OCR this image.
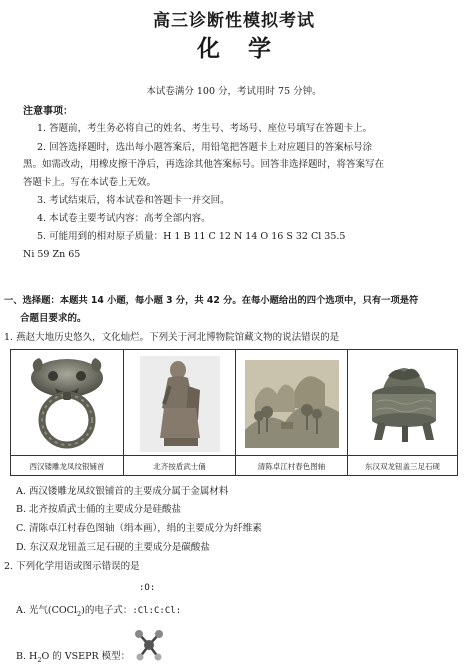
高三诊断性模拟考试
化学
本试卷满分 100 分，考试用时 75 分钟。
注意事项：
1. 答题前，考生务必将自己的姓名、考生号、考场号、座位号填写在答题卡上。
2. 回答选择题时，选出每小题答案后，用铅笔把答题卡上对应题目的答案标号涂
黑。如需改动，用橡皮擦干净后，再选涂其他答案标号。回答非选择题时，将答案写在
答题卡上。写在本试卷上无效。
3. 考试结束后，将本试卷和答题卡一并交回。
4. 本试卷主要考试内容：高考全部内容。
5. 可能用到的相对原子质量：H 1 B 11 C 12 N 14 O 16 S 32 Cl 35.5
Ni 59 Zn 65
一、选择题：本题共 14 小题，每小题 3 分，共 42 分。在每小题给出的四个选项中，只有一项是符
合题目要求的。
1. 燕赵大地历史悠久，文化灿烂。下列关于河北博物院馆藏文物的说法错误的是
西汉镂雕龙凤纹银铺首	北齐按盾武士俑	清陈卓江村春色图轴	东汉双龙钮盖三足石砚
A. 西汉镂雕龙凤纹银铺首的主要成分属于金属材料
B. 北齐按盾武士俑的主要成分是硅酸盐
C. 清陈卓江村春色图轴（绢本画），绢的主要成分为纤维素
D. 东汉双龙钮盖三足石砚的主要成分是碳酸盐
2. 下列化学用语或图示错误的是
:O:
A. 光气(COCl$_2$)的电子式：:Cl:C:Cl:
B. $H_2O$ 的 VSEPR 模型：
